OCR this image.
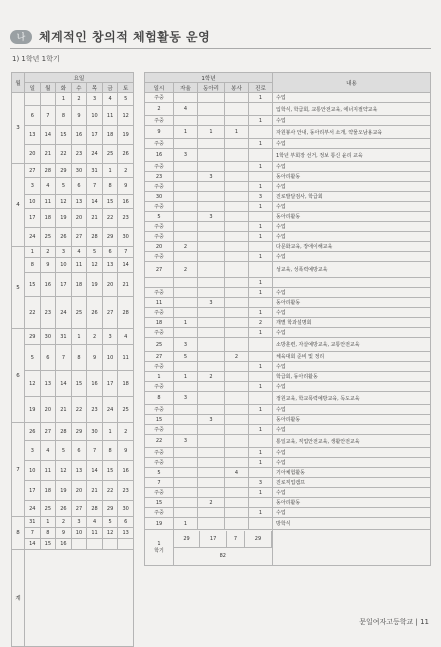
나	체계적인 창의적 체험활동 운영
1) 1학년 1학기
월	요일						
	일	월	화	수	목	금	토
3			1	2	3	4	5
	6	7	8	9	10	11	12
	13	14	15	16	17	18	19
	20	21	22	23	24	25	26
4	27	28	29	30	31	1	2
	3	4	5	6	7	8	9
	10	11	12	13	14	15	16
	17	18	19	20	21	22	23
	24	25	26	27	28	29	30
5	1	2	3	4	5	6	7
	8	9	10	11	12	13	14
	15	16	17	18	19	20	21
	22	23	24	25	26	27	28
6	29	30	31	1	2	3	4
	5	6	7	8	9	10	11
	12	13	14	15	16	17	18
	19	20	21	22	23	24	25
7	26	27	28	29	30	1	2
	3	4	5	6	7	8	9
	10	11	12	13	14	15	16
	17	18	19	20	21	22	23
	24	25	26	27	28	29	30
8	31	1	2	3	4	5	6
	7	8	9	10	11	12	13
	14	15	16				
계							
1학년	내용
일시	자율	동아리	봉사	진로
주중				1	수업
2	4				입학식, 학급회, 교통안전교육, 에너지절약교육
주중				1	수업
9	1	1	1		자원봉사 안내, 동아리부서 소개, 약물오남용교육
주중				1	수업
16	3				1학년 부회장 선거, 정보 통신 윤리 교육
주중				1	수업
23		3			동아리활동
주중				1	수업
30				3	진로발달검사, 학급회
주중				1	수업
5		3			동아리활동
주중				1	수업
주중				1	수업
20	2				다문화교육, 장애이해교육
주중				1	수업
27	2				성교육, 성폭력예방교육
				1	
주중				1	수업
11		3			동아리활동
주중				1	수업
18	1			2	개별 학과설명회
주중				1	수업
25	3				소방훈련, 자살예방교육, 교통안전교육
27	5		2		체육대회 준비 및 정리
주중				1	수업
1	1	2			학급회, 동아리활동
주중				1	수업
8	3				정원교육, 학교폭력예방교육, 독도교육
주중				1	수업
15		3			동아리활동
주중				1	수업
22	3				통일교육, 직업안전교육, 생활안전교육
주중				1	수업
주중				1	수업
5			4		기아체험활동
7				3	진로직업캠프
주중				1	수업
15		2			동아리활동
주중				1	수업
19	1				방학식

1
학기

29	17	7	29
82

문일여자고등학교 | 11
